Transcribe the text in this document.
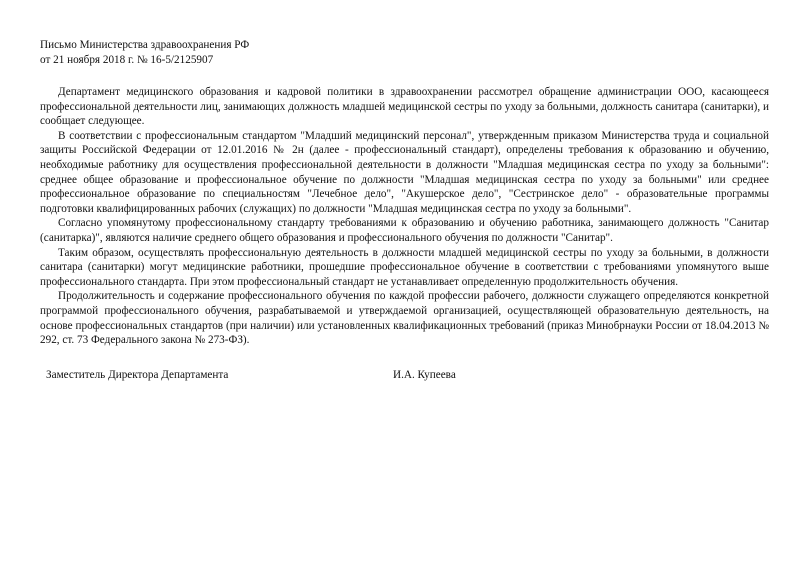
Письмо Министерства здравоохранения РФ

от 21 ноября 2018 г. № 16-5/2125907

Департамент медицинского образования и кадровой политики в здравоохранении рассмотрел обращение администрации ООО, касающееся профессиональной деятельности лиц, занимающих должность младшей медицинской сестры по уходу за больными, должность санитара (санитарки), и сообщает следующее.

В соответствии с профессиональным стандартом "Младший медицинский персонал", утвержденным приказом Министерства труда и социальной защиты Российской Федерации от 12.01.2016 № 2н (далее - профессиональный стандарт), определены требования к образованию и обучению, необходимые работнику для осуществления профессиональной деятельности в должности "Младшая медицинская сестра по уходу за больными": среднее общее образование и профессиональное обучение по должности "Младшая медицинская сестра по уходу за больными" или среднее профессиональное образование по специальностям "Лечебное дело", "Акушерское дело", "Сестринское дело" - образовательные программы подготовки квалифицированных рабочих (служащих) по должности "Младшая медицинская сестра по уходу за больными".

Согласно упомянутому профессиональному стандарту требованиями к образованию и обучению работника, занимающего должность "Санитар (санитарка)", являются наличие среднего общего образования и профессионального обучения по должности "Санитар".

Таким образом, осуществлять профессиональную деятельность в должности младшей медицинской сестры по уходу за больными, в должности санитара (санитарки) могут медицинские работники, прошедшие профессиональное обучение в соответствии с требованиями упомянутого выше профессионального стандарта. При этом профессиональный стандарт не устанавливает определенную продолжительность обучения.

Продолжительность и содержание профессионального обучения по каждой профессии рабочего, должности служащего определяются конкретной программой профессионального обучения, разрабатываемой и утверждаемой организацией, осуществляющей образовательную деятельность, на основе профессиональных стандартов (при наличии) или установленных квалификационных требований (приказ Минобрнауки России от 18.04.2013 № 292, ст. 73 Федерального закона № 273-ФЗ).

Заместитель Директора Департамента	И.А. Купеева
